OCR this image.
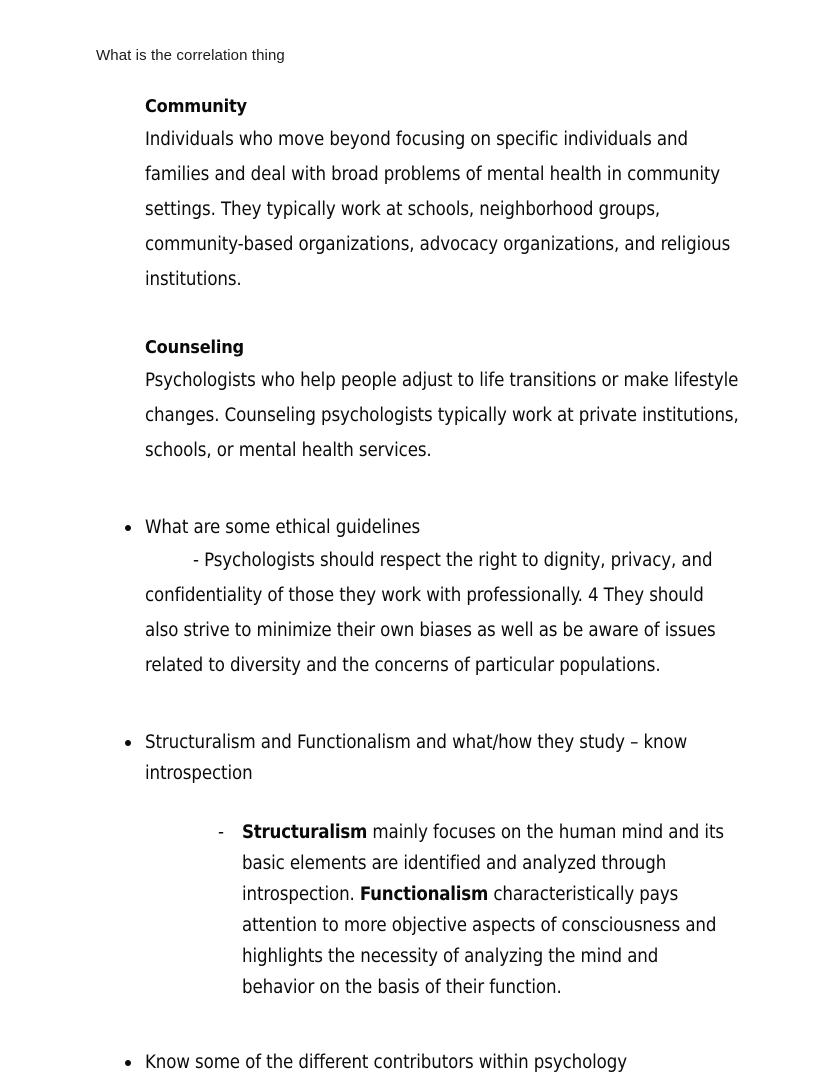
What is the correlation thing
Community
Individuals who move beyond focusing on specific individuals and families and deal with broad problems of mental health in community settings. They typically work at schools, neighborhood groups, community-based organizations, advocacy organizations, and religious institutions.
Counseling
Psychologists who help people adjust to life transitions or make lifestyle changes. Counseling psychologists typically work at private institutions, schools, or mental health services.
What are some ethical guidelines
- Psychologists should respect the right to dignity, privacy, and confidentiality of those they work with professionally. 4 They should also strive to minimize their own biases as well as be aware of issues related to diversity and the concerns of particular populations.
Structuralism and Functionalism and what/how they study – know introspection
- Structuralism mainly focuses on the human mind and its basic elements are identified and analyzed through introspection. Functionalism characteristically pays attention to more objective aspects of consciousness and highlights the necessity of analyzing the mind and behavior on the basis of their function.
Know some of the different contributors within psychology
